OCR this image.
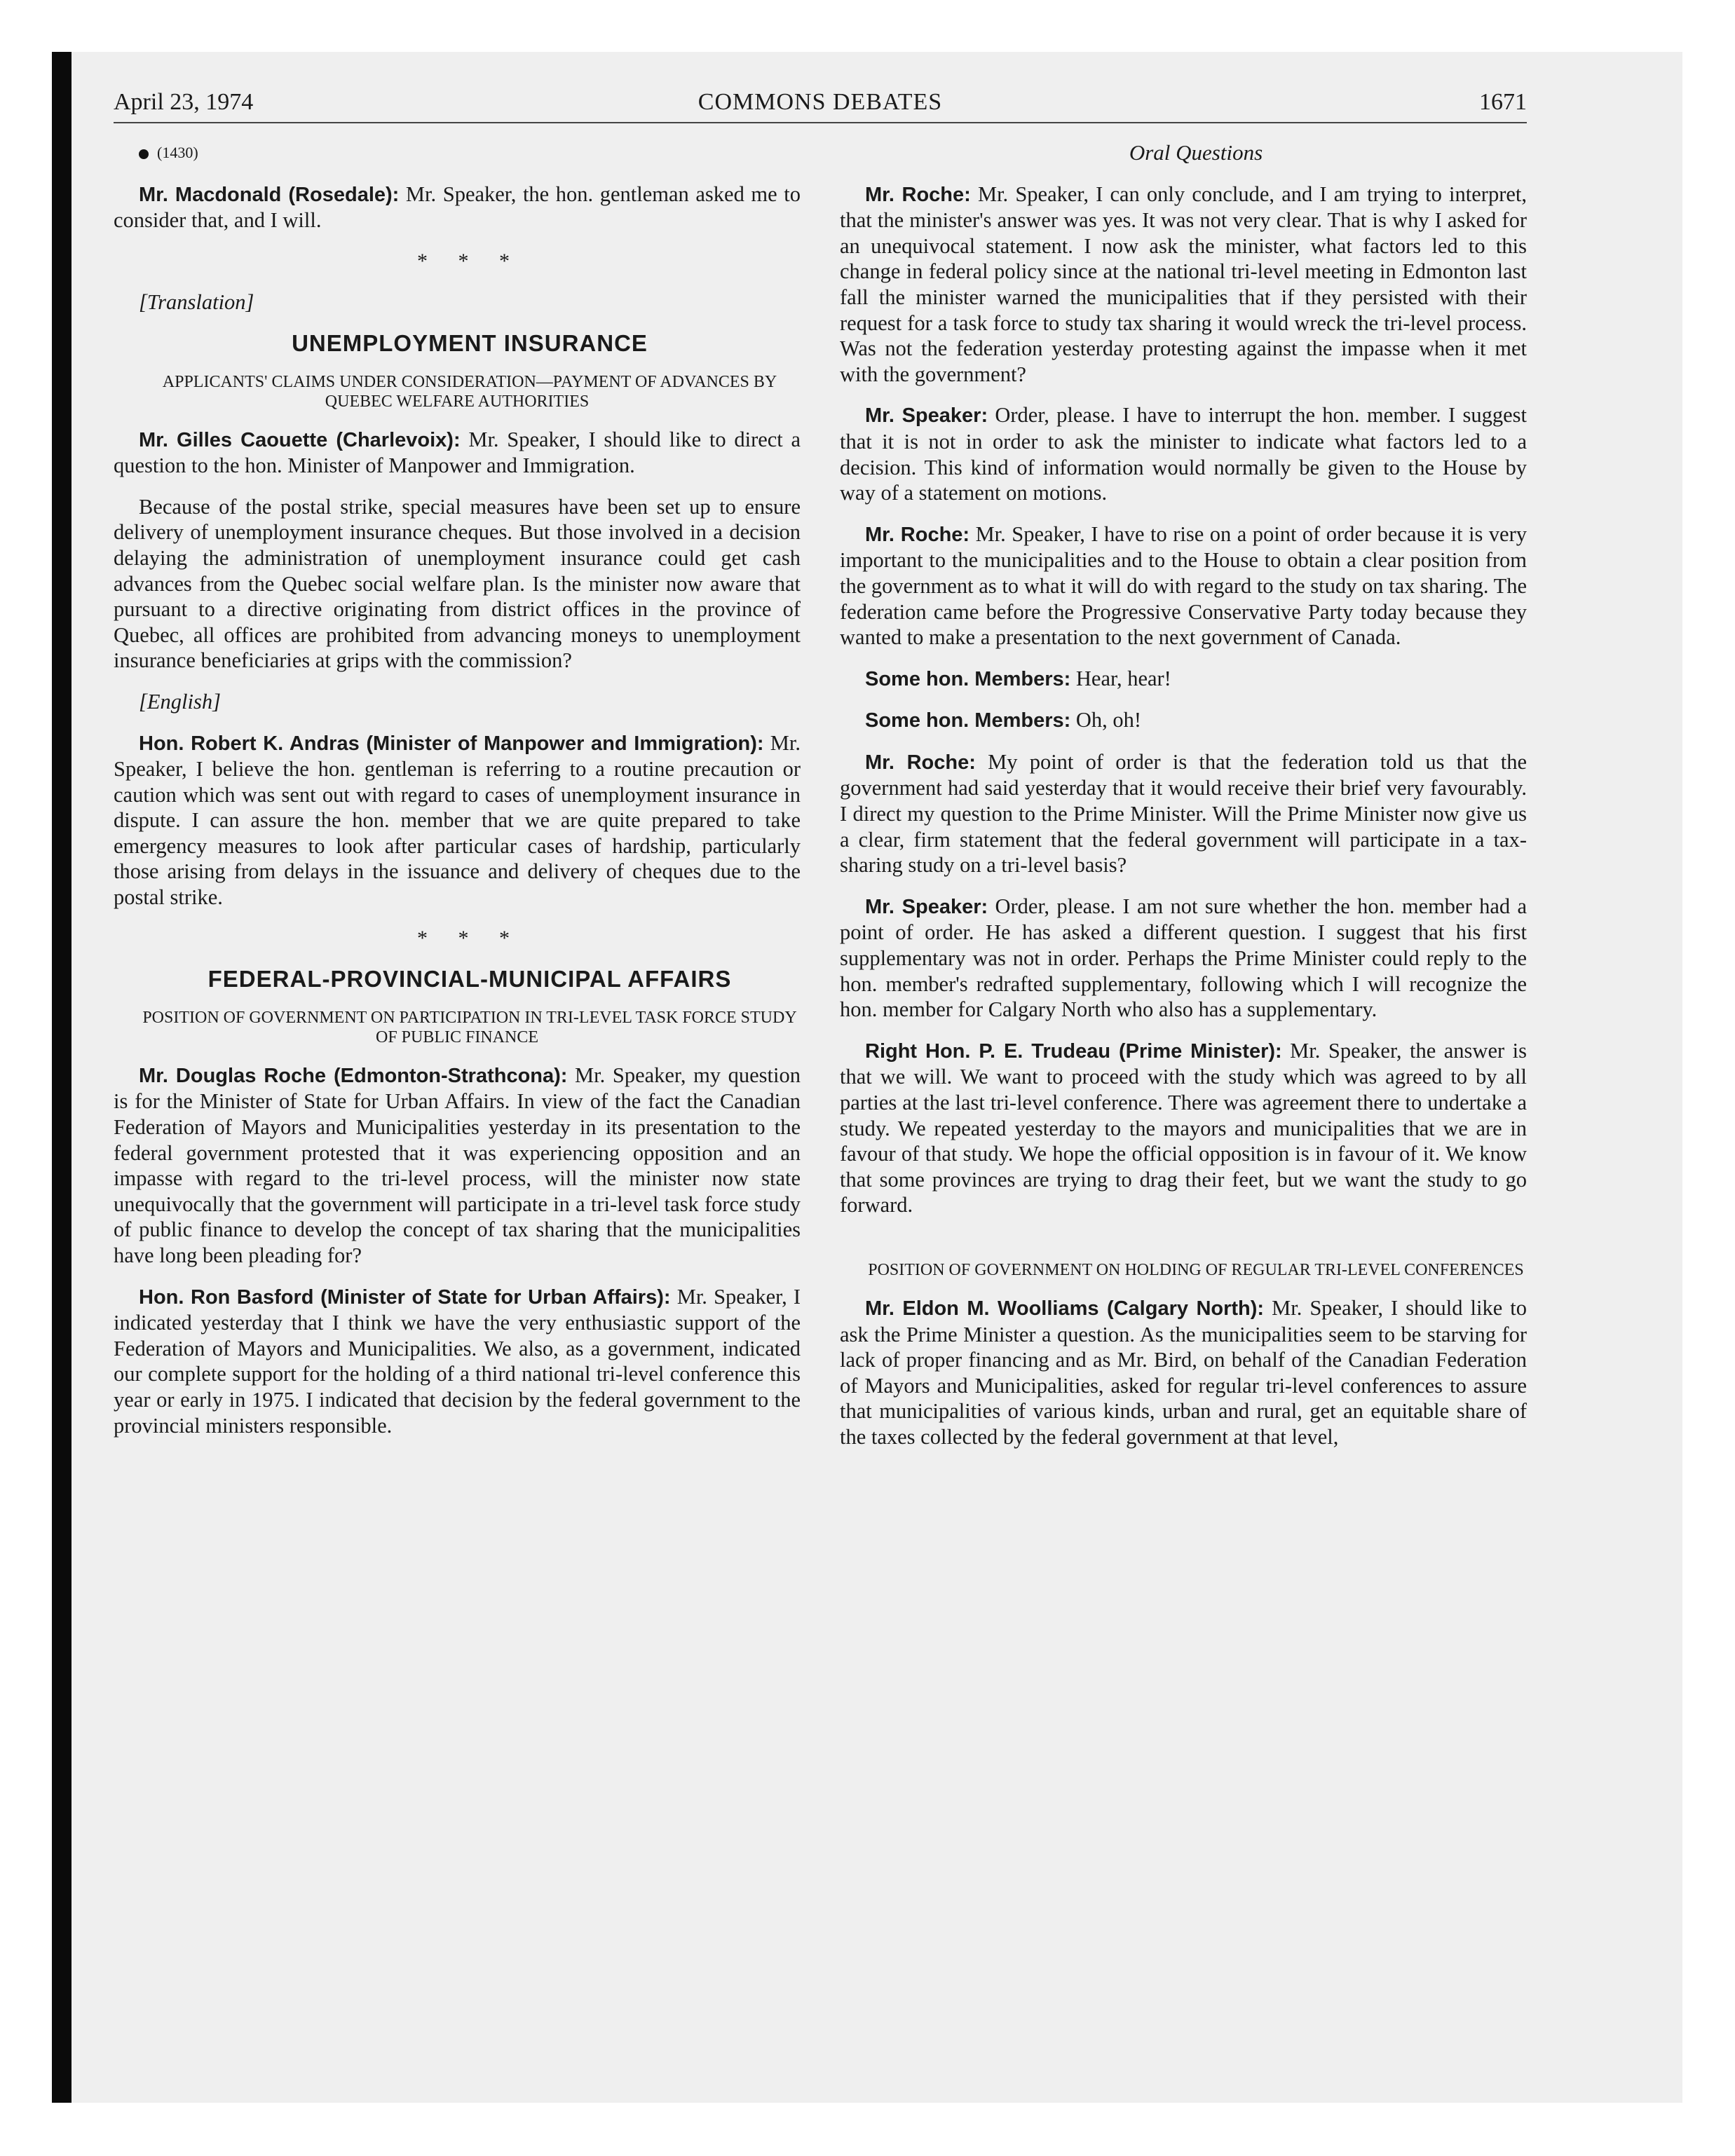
April 23, 1974	COMMONS DEBATES	1671

(1430)

Mr. Macdonald (Rosedale): Mr. Speaker, the hon. gentleman asked me to consider that, and I will.

* * *

[Translation]

UNEMPLOYMENT INSURANCE

APPLICANTS' CLAIMS UNDER CONSIDERATION—PAYMENT OF ADVANCES BY QUEBEC WELFARE AUTHORITIES

Mr. Gilles Caouette (Charlevoix): Mr. Speaker, I should like to direct a question to the hon. Minister of Manpower and Immigration.

Because of the postal strike, special measures have been set up to ensure delivery of unemployment insurance cheques. But those involved in a decision delaying the administration of unemployment insurance could get cash advances from the Quebec social welfare plan. Is the minister now aware that pursuant to a directive originating from district offices in the province of Quebec, all offices are prohibited from advancing moneys to unemployment insurance beneficiaries at grips with the commission?

[English]

Hon. Robert K. Andras (Minister of Manpower and Immigration): Mr. Speaker, I believe the hon. gentleman is referring to a routine precaution or caution which was sent out with regard to cases of unemployment insurance in dispute. I can assure the hon. member that we are quite prepared to take emergency measures to look after particular cases of hardship, particularly those arising from delays in the issuance and delivery of cheques due to the postal strike.

* * *

FEDERAL-PROVINCIAL-MUNICIPAL AFFAIRS

POSITION OF GOVERNMENT ON PARTICIPATION IN TRI-LEVEL TASK FORCE STUDY OF PUBLIC FINANCE

Mr. Douglas Roche (Edmonton-Strathcona): Mr. Speaker, my question is for the Minister of State for Urban Affairs. In view of the fact the Canadian Federation of Mayors and Municipalities yesterday in its presentation to the federal government protested that it was experiencing opposition and an impasse with regard to the tri-level process, will the minister now state unequivocally that the government will participate in a tri-level task force study of public finance to develop the concept of tax sharing that the municipalities have long been pleading for?

Hon. Ron Basford (Minister of State for Urban Affairs): Mr. Speaker, I indicated yesterday that I think we have the very enthusiastic support of the Federation of Mayors and Municipalities. We also, as a government, indicated our complete support for the holding of a third national tri-level conference this year or early in 1975. I indicated that decision by the federal government to the provincial ministers responsible.

Oral Questions

Mr. Roche: Mr. Speaker, I can only conclude, and I am trying to interpret, that the minister's answer was yes. It was not very clear. That is why I asked for an unequivocal statement. I now ask the minister, what factors led to this change in federal policy since at the national tri-level meeting in Edmonton last fall the minister warned the municipalities that if they persisted with their request for a task force to study tax sharing it would wreck the tri-level process. Was not the federation yesterday protesting against the impasse when it met with the government?

Mr. Speaker: Order, please. I have to interrupt the hon. member. I suggest that it is not in order to ask the minister to indicate what factors led to a decision. This kind of information would normally be given to the House by way of a statement on motions.

Mr. Roche: Mr. Speaker, I have to rise on a point of order because it is very important to the municipalities and to the House to obtain a clear position from the government as to what it will do with regard to the study on tax sharing. The federation came before the Progressive Conservative Party today because they wanted to make a presentation to the next government of Canada.

Some hon. Members: Hear, hear!

Some hon. Members: Oh, oh!

Mr. Roche: My point of order is that the federation told us that the government had said yesterday that it would receive their brief very favourably. I direct my question to the Prime Minister. Will the Prime Minister now give us a clear, firm statement that the federal government will participate in a tax-sharing study on a tri-level basis?

Mr. Speaker: Order, please. I am not sure whether the hon. member had a point of order. He has asked a different question. I suggest that his first supplementary was not in order. Perhaps the Prime Minister could reply to the hon. member's redrafted supplementary, following which I will recognize the hon. member for Calgary North who also has a supplementary.

Right Hon. P. E. Trudeau (Prime Minister): Mr. Speaker, the answer is that we will. We want to proceed with the study which was agreed to by all parties at the last tri-level conference. There was agreement there to undertake a study. We repeated yesterday to the mayors and municipalities that we are in favour of that study. We hope the official opposition is in favour of it. We know that some provinces are trying to drag their feet, but we want the study to go forward.

POSITION OF GOVERNMENT ON HOLDING OF REGULAR TRI-LEVEL CONFERENCES

Mr. Eldon M. Woolliams (Calgary North): Mr. Speaker, I should like to ask the Prime Minister a question. As the municipalities seem to be starving for lack of proper financing and as Mr. Bird, on behalf of the Canadian Federation of Mayors and Municipalities, asked for regular tri-level conferences to assure that municipalities of various kinds, urban and rural, get an equitable share of the taxes collected by the federal government at that level,
